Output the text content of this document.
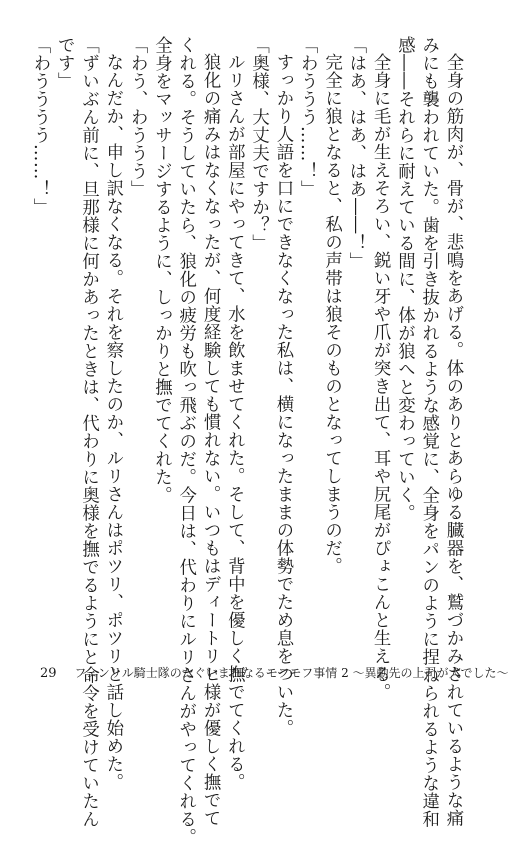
全身の筋肉が、骨が、悲鳴をあげる。体のありとあらゆる臓器を、鷲づかみされているような痛

みにも襲われていた。歯を引き抜かれるような感覚に、全身をパンのように捏ねられるような違和

感――それらに耐えている間に、体が狼へと変わっていく。

全身に毛が生えそろい、鋭い牙や爪が突き出て、耳や尻尾がぴょこんと生える。

「はあ、はあ、はあ――！」

完全に狼となると、私の声帯は狼そのものとなってしまうのだ。

「わううう……！」

すっかり人語を口にできなくなった私は、横になったままの体勢でため息をついた。

「奥様、大丈夫ですか？」

ルリさんが部屋にやってきて、水を飲ませてくれた。そして、背中を優しく撫でてくれる。

狼化の痛みはなくなったが、何度経験しても慣れない。いつもはディートリヒ様が優しく撫でて

くれる。そうしていたら、狼化の疲労も吹っ飛ぶのだ。今日は、代わりにルリさんがやってくれる。

全身をマッサージするように、しっかりと撫でてくれた。

「わう、わううう」

なんだか、申し訳なくなる。それを察したのか、ルリさんはポツリ、ポツリと話し始めた。

「ずいぶん前に、旦那様に何かあったときは、代わりに奥様を撫でるようにと命令を受けていたん

です」

「わうううう……！」

29 フェンリル騎士隊のたぐいまれなるモフモフ事情 2 ～異動先の上司が犬でした～
